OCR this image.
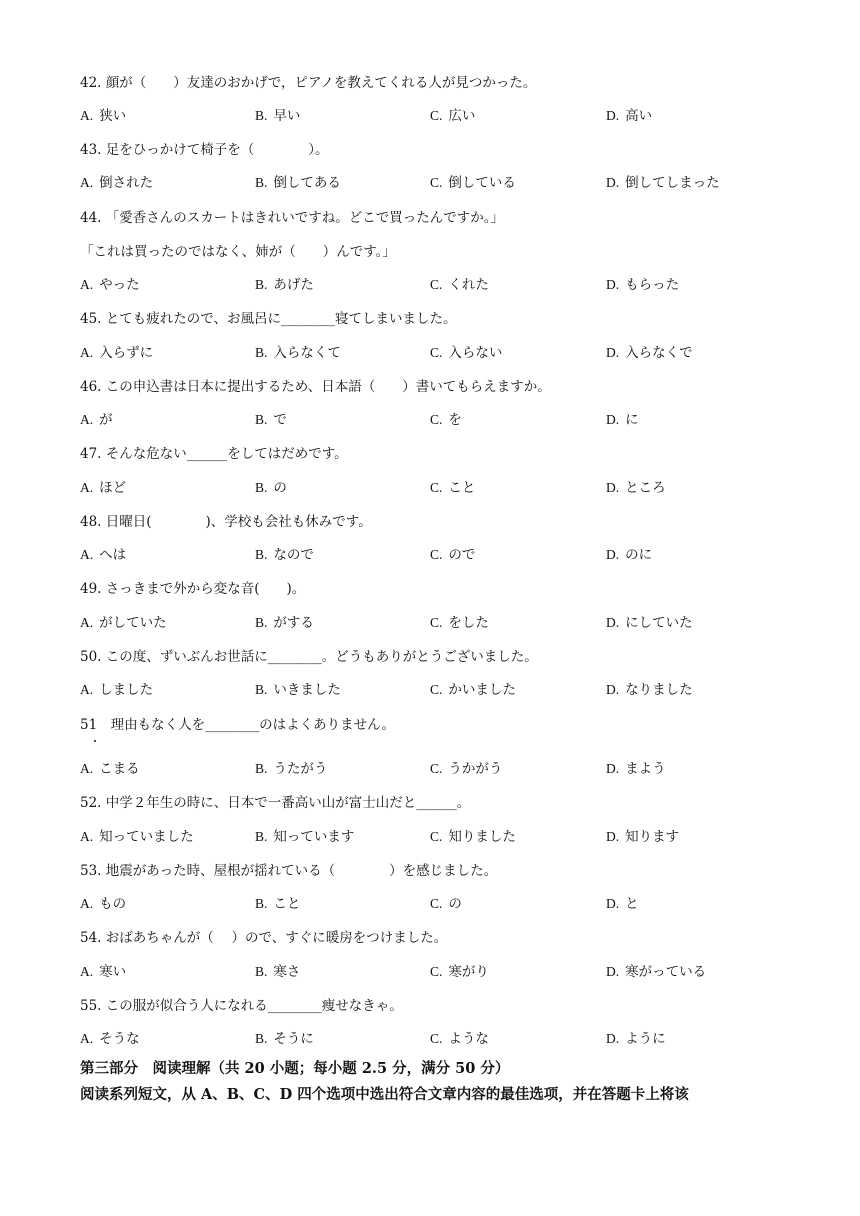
42. 顔が（　　）友達のおかげで，ピアノを教えてくれる人が見つかった。
A. 狭い	B. 早い	C. 広い	D. 高い
43. 足をひっかけて椅子を（　　　　）。
A. 倒された	B. 倒してある	C. 倒している	D. 倒してしまった
44. 「愛香さんのスカートはきれいですね。どこで買ったんですか。」
「これは買ったのではなく、姉が（　　）んです。」
A. やった	B. あげた	C. くれた	D. もらった
45. とても疲れたので、お風呂に________寝てしまいました。
A. 入らずに	B. 入らなくて	C. 入らない	D. 入らなくで
46. この申込書は日本に提出するため、日本語（　　）書いてもらえますか。
A. が	B. で	C. を	D. に
47. そんな危ない______をしてはだめです。
A. ほど	B. の	C. こと	D. ところ
48. 日曜日(　　　　)、学校も会社も休みです。
A. へは	B. なので	C. ので	D. のに
49. さっきまで外から変な音(　　)。
A. がしていた	B. がする	C. をした	D. にしていた
50. この度、ずいぶんお世話に________。どうもありがとうございました。
A. しました	B. いきました	C. かいました	D. なりました
51　理由もなく人を________のはよくありません。
A. こまる	B. うたがう	C. うかがう	D. まよう
52. 中学２年生の時に、日本で一番高い山が富士山だと______。
A. 知っていました	B. 知っています	C. 知りました	D. 知ります
53. 地震があった時、屋根が揺れている（　　　　）を感じました。
A. もの	B. こと	C. の	D. と
54. おばあちゃんが（　 ）ので、すぐに暖房をつけました。
A. 寒い	B. 寒さ	C. 寒がり	D. 寒がっている
55. この服が似合う人になれる________痩せなきゃ。
A. そうな	B. そうに	C. ような	D. ように
第三部分　阅读理解（共 20 小题；每小题 2.5 分，满分 50 分）
阅读系列短文，从 A、B、C、D 四个选项中选出符合文章内容的最佳选项，并在答题卡上将该
